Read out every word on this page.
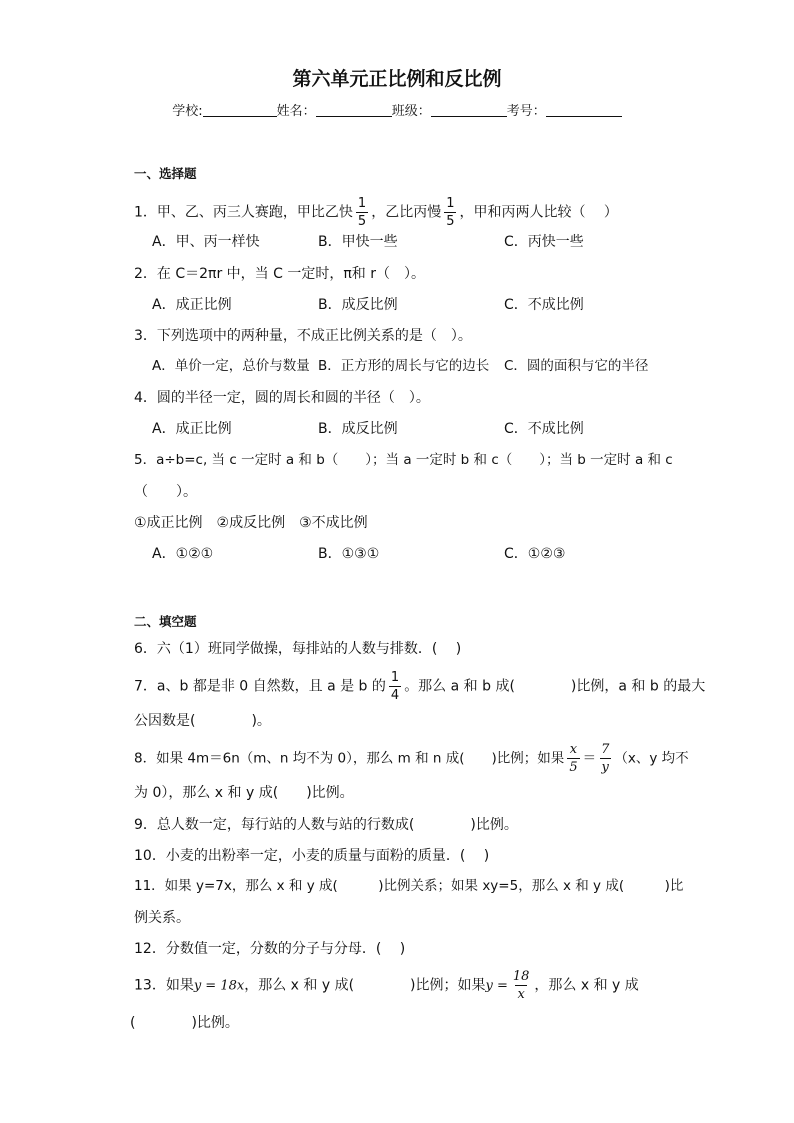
第六单元正比例和反比例
学校:	姓名：	班级：	考号：
一、选择题
1．甲、乙、丙三人赛跑，甲比乙快 $\frac{1}{5}$ ，乙比丙慢 $\frac{1}{5}$ ，甲和丙两人比较（　 ）
A．甲、丙一样快	B．甲快一些	C．丙快一些
2．在 C＝2πr 中，当 C 一定时，π和 r（　）。
A．成正比例	B．成反比例	C．不成比例
3．下列选项中的两种量，不成正比例关系的是（　）。
A．单价一定，总价与数量 B．正方形的周长与它的边长 C．圆的面积与它的半径
4．圆的半径一定，圆的周长和圆的半径（　）。
A．成正比例	B．成反比例	C．不成比例
5．a÷b=c, 当 c 一定时 a 和 b（　　）；当 a 一定时 b 和 c（　　）；当 b 一定时 a 和 c
（　　）。
①成正比例　②成反比例　③不成比例
A．①②①	B．①③①	C．①②③
二、填空题
6．六（1）班同学做操，每排站的人数与排数．(　 )
7．a、b 都是非 0 自然数，且 a 是 b 的 $\frac{1}{4}$ 。那么 a 和 b 成(　　　　)比例，a 和 b 的最大
公因数是(　　　　)。
8．如果 4m＝6n（m、n 均不为 0），那么 m 和 n 成(　　)比例；如果 $\frac{x}{5} = \frac{7}{y} (x$、y 均不
为 0），那么 x 和 y 成(　　)比例。
9．总人数一定，每行站的人数与站的行数成(　　　　)比例。
10．小麦的出粉率一定，小麦的质量与面粉的质量．(　 )
11．如果 y=7x，那么 x 和 y 成(　　　)比例关系；如果 xy=5，那么 x 和 y 成(　　　)比
例关系。
12．分数值一定，分数的分子与分母．(　 )
13．如果y = 18x，那么 x 和 y 成(　　　　)比例；如果$y = \frac{18}{x}$ ，那么 x 和 y 成
(　　　　)比例。
